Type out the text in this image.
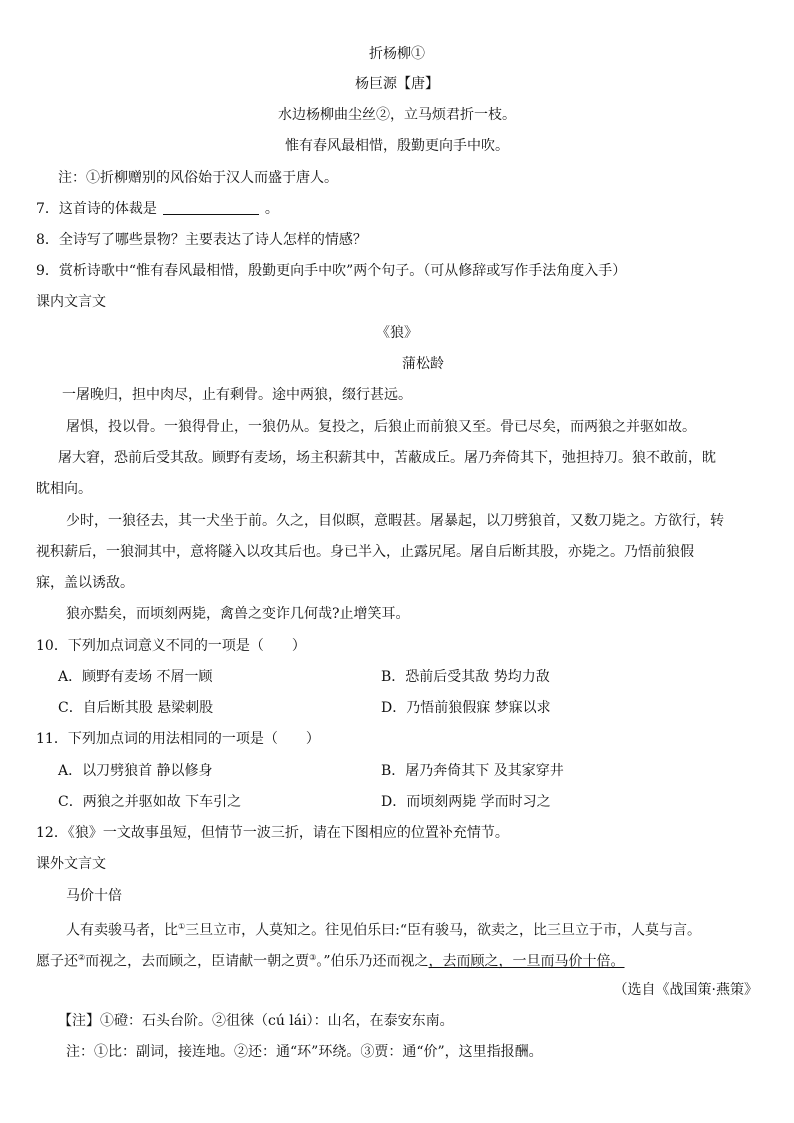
折杨柳①
杨巨源【唐】
水边杨柳曲尘丝②，立马烦君折一枝。
惟有春风最相惜，殷勤更向手中吹。
注：①折柳赠别的风俗始于汉人而盛于唐人。
7．这首诗的体裁是	。
8．全诗写了哪些景物？主要表达了诗人怎样的情感？
9．赏析诗歌中“惟有春风最相惜，殷勤更向手中吹”两个句子。（可从修辞或写作手法角度入手）
课内文言文
《狼》
蒲松龄
一屠晚归，担中肉尽，止有剩骨。途中两狼，缀行甚远。
屠惧，投以骨。一狼得骨止，一狼仍从。复投之，后狼止而前狼又至。骨已尽矣，而两狼之并驱如故。
屠大窘，恐前后受其敌。顾野有麦场，场主积薪其中，苫蔽成丘。屠乃奔倚其下，弛担持刀。狼不敢前，眈
眈相向。
少时，一狼径去，其一犬坐于前。久之，目似瞑，意暇甚。屠暴起，以刀劈狼首，又数刀毙之。方欲行，转
视积薪后，一狼洞其中，意将隧入以攻其后也。身已半入，止露尻尾。屠自后断其股，亦毙之。乃悟前狼假
寐，盖以诱敌。
狼亦黠矣，而顷刻两毙，禽兽之变诈几何哉?止增笑耳。
10．下列加点词意义不同的一项是（　　）
A．顾野有麦场 不屑一顾	B．恐前后受其敌 势均力敌
C．自后断其股 悬梁刺股	D．乃悟前狼假寐 梦寐以求
11．下列加点词的用法相同的一项是（　　）
A．以刀劈狼首 静以修身	B．屠乃奔倚其下 及其家穿井
C．两狼之并驱如故 下车引之	D．而顷刻两毙 学而时习之
12．《狼》一文故事虽短，但情节一波三折，请在下图相应的位置补充情节。
课外文言文
马价十倍
人有卖骏马者，比①三旦立市，人莫知之。往见伯乐曰:“臣有骏马，欲卖之，比三旦立于市，人莫与言。
愿子还②而视之，去而顾之，臣请献一朝之贾③。”伯乐乃还而视之，去而顾之，一旦而马价十倍。
（选自《战国策·燕策》
【注】①磴：石头台阶。②徂徕（cú lái）：山名，在泰安东南。
注：①比：副词，接连地。②还：通“环”环绕。③贾：通“价”，这里指报酬。
